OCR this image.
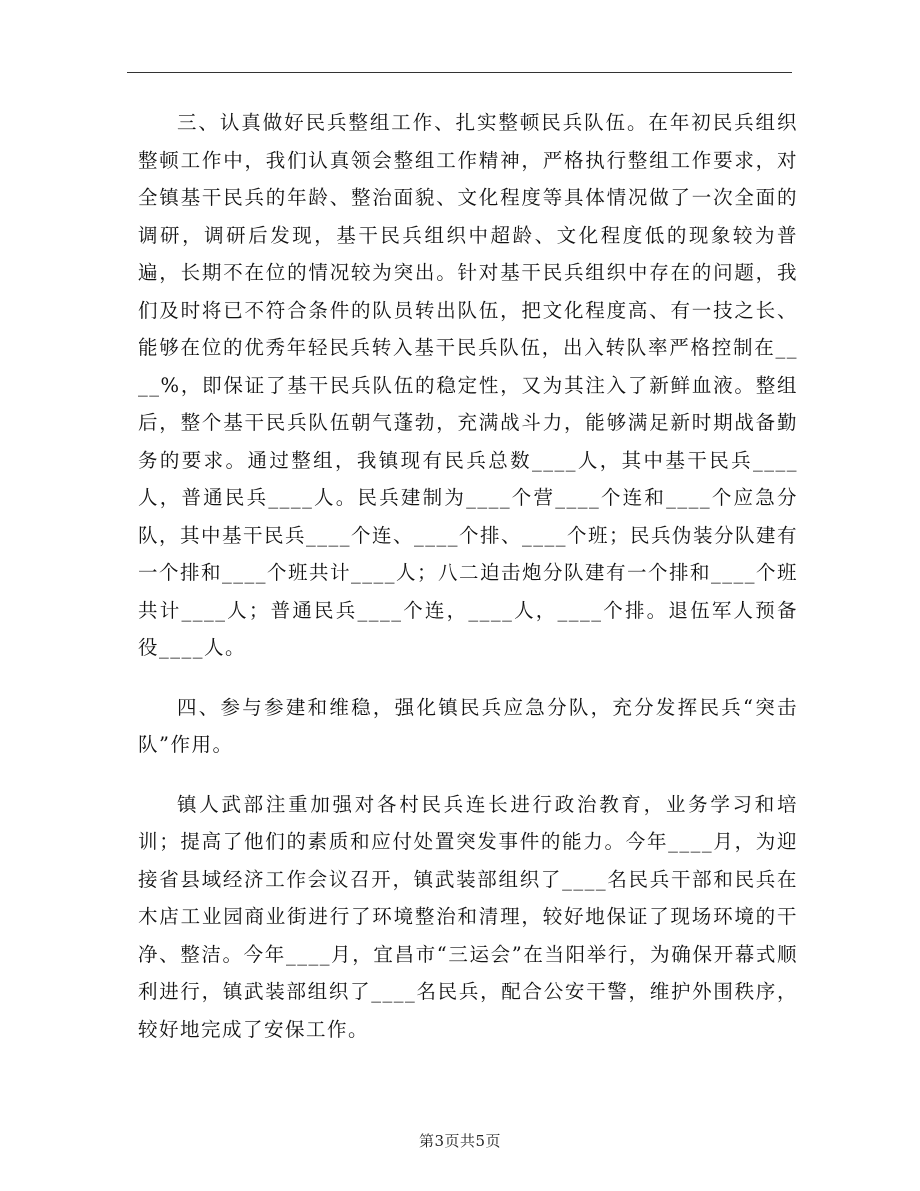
三、认真做好民兵整组工作、扎实整顿民兵队伍。在年初民兵组织整顿工作中，我们认真领会整组工作精神，严格执行整组工作要求，对全镇基干民兵的年龄、整治面貌、文化程度等具体情况做了一次全面的调研，调研后发现，基干民兵组织中超龄、文化程度低的现象较为普遍，长期不在位的情况较为突出。针对基干民兵组织中存在的问题，我们及时将已不符合条件的队员转出队伍，把文化程度高、有一技之长、能够在位的优秀年轻民兵转入基干民兵队伍，出入转队率严格控制在____%，即保证了基干民兵队伍的稳定性，又为其注入了新鲜血液。整组后，整个基干民兵队伍朝气蓬勃，充满战斗力，能够满足新时期战备勤务的要求。通过整组，我镇现有民兵总数____人，其中基干民兵____人，普通民兵____人。民兵建制为____个营____个连和____个应急分队，其中基干民兵____个连、____个排、____个班；民兵伪装分队建有一个排和____个班共计____人；八二迫击炮分队建有一个排和____个班共计____人；普通民兵____个连，____人，____个排。退伍军人预备役____人。

四、参与参建和维稳，强化镇民兵应急分队，充分发挥民兵“突击队”作用。

镇人武部注重加强对各村民兵连长进行政治教育，业务学习和培训；提高了他们的素质和应付处置突发事件的能力。今年____月，为迎接省县域经济工作会议召开，镇武装部组织了____名民兵干部和民兵在木店工业园商业街进行了环境整治和清理，较好地保证了现场环境的干净、整洁。今年____月，宜昌市“三运会”在当阳举行，为确保开幕式顺利进行，镇武装部组织了____名民兵，配合公安干警，维护外围秩序，较好地完成了安保工作。

第3页共5页
